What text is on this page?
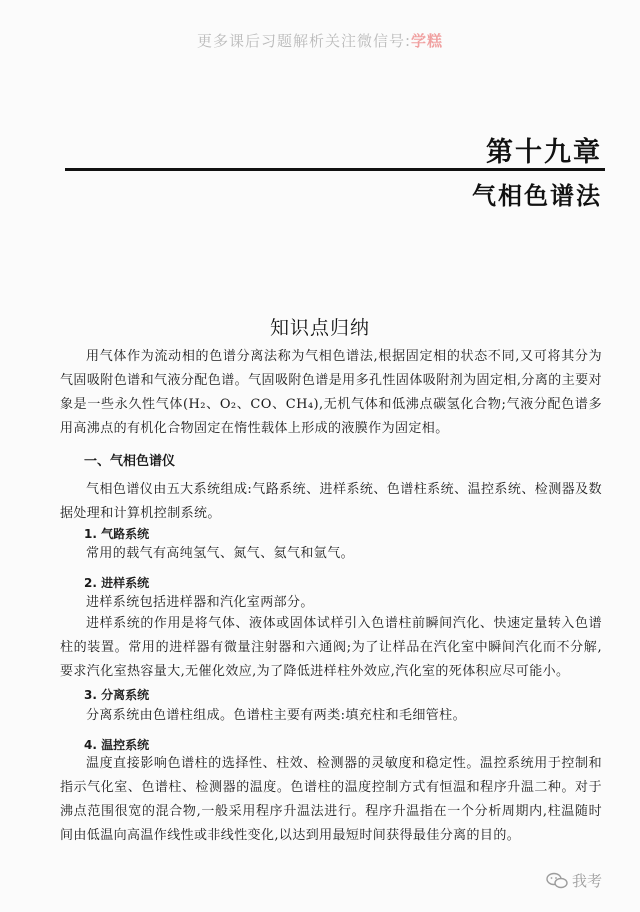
更多课后习题解析关注微信号:学糕
第十九章
气相色谱法
知识点归纳

用气体作为流动相的色谱分离法称为气相色谱法,根据固定相的状态不同,又可将其分为气固吸附色谱和气液分配色谱。气固吸附色谱是用多孔性固体吸附剂为固定相,分离的主要对象是一些永久性气体(H₂、O₂、CO、CH₄),无机气体和低沸点碳氢化合物;气液分配色谱多用高沸点的有机化合物固定在惰性载体上形成的液膜作为固定相。

一、气相色谱仪

气相色谱仪由五大系统组成:气路系统、进样系统、色谱柱系统、温控系统、检测器及数据处理和计算机控制系统。

1. 气路系统

常用的载气有高纯氢气、氮气、氦气和氩气。

2. 进样系统

进样系统包括进样器和汽化室两部分。

进样系统的作用是将气体、液体或固体试样引入色谱柱前瞬间汽化、快速定量转入色谱柱的装置。常用的进样器有微量注射器和六通阀;为了让样品在汽化室中瞬间汽化而不分解,要求汽化室热容量大,无催化效应,为了降低进样柱外效应,汽化室的死体积应尽可能小。

3. 分离系统

分离系统由色谱柱组成。色谱柱主要有两类:填充柱和毛细管柱。

4. 温控系统

温度直接影响色谱柱的选择性、柱效、检测器的灵敏度和稳定性。温控系统用于控制和指示气化室、色谱柱、检测器的温度。色谱柱的温度控制方式有恒温和程序升温二种。对于沸点范围很宽的混合物,一般采用程序升温法进行。程序升温指在一个分析周期内,柱温随时间由低温向高温作线性或非线性变化,以达到用最短时间获得最佳分离的目的。

我考
